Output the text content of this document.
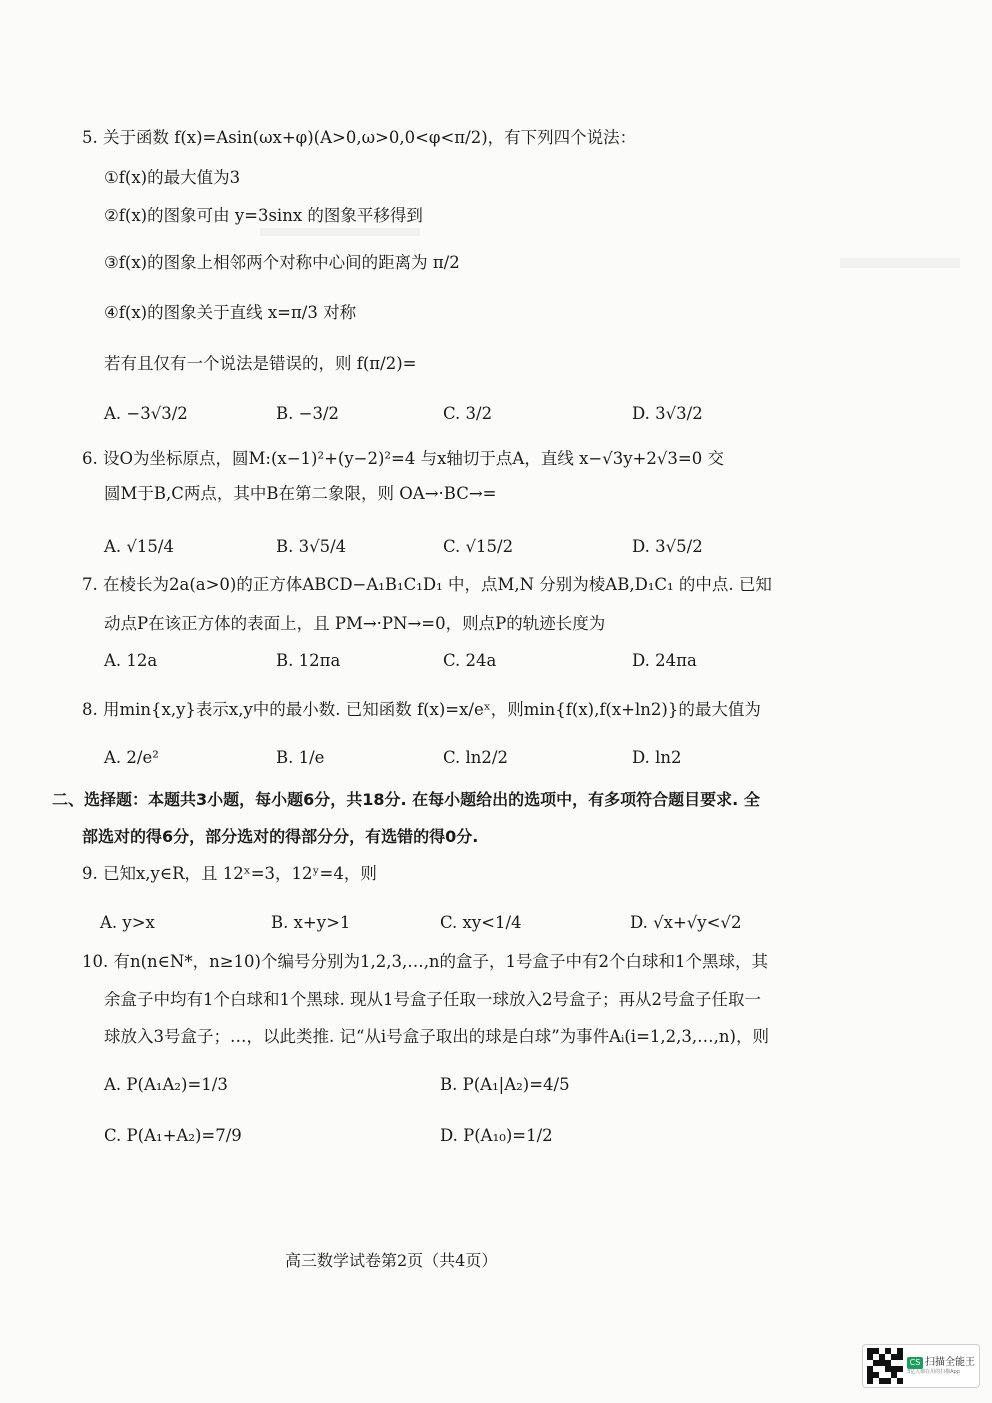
5. 关于函数 f(x)=Asin(ωx+φ)(A>0,ω>0,0<φ<π/2)，有下列四个说法：
①f(x)的最大值为3
②f(x)的图象可由 y=3sinx 的图象平移得到
③f(x)的图象上相邻两个对称中心间的距离为 π/2
④f(x)的图象关于直线 x=π/3 对称
若有且仅有一个说法是错误的，则 f(π/2)=
A. −3√3/2	B. −3/2	C. 3/2	D. 3√3/2
6. 设O为坐标原点，圆M:(x−1)²+(y−2)²=4 与x轴切于点A，直线 x−√3y+2√3=0 交
圆M于B,C两点，其中B在第二象限，则 OA→·BC→=
A. √15/4	B. 3√5/4	C. √15/2	D. 3√5/2
7. 在棱长为2a(a>0)的正方体ABCD−A₁B₁C₁D₁ 中，点M,N 分别为棱AB,D₁C₁ 的中点. 已知
动点P在该正方体的表面上，且 PM→·PN→=0，则点P的轨迹长度为
A. 12a	B. 12πa	C. 24a	D. 24πa
8. 用min{x,y}表示x,y中的最小数. 已知函数 f(x)=x/eˣ，则min{f(x),f(x+ln2)}的最大值为
A. 2/e²	B. 1/e	C. ln2/2	D. ln2
二、选择题：本题共3小题，每小题6分，共18分. 在每小题给出的选项中，有多项符合题目要求. 全
部选对的得6分，部分选对的得部分分，有选错的得0分.
9. 已知x,y∈R，且 12ˣ=3，12ʸ=4，则
A. y>x	B. x+y>1	C. xy<1/4	D. √x+√y<√2
10. 有n(n∈N*，n≥10)个编号分别为1,2,3,…,n的盒子，1号盒子中有2个白球和1个黑球，其
余盒子中均有1个白球和1个黑球. 现从1号盒子任取一球放入2号盒子；再从2号盒子任取一
球放入3号盒子；…，以此类推. 记“从i号盒子取出的球是白球”为事件Aᵢ(i=1,2,3,…,n)，则
A. P(A₁A₂)=1/3	B. P(A₁|A₂)=4/5
C. P(A₁+A₂)=7/9	D. P(A₁₀)=1/2
高三数学试卷第2页（共4页）
CS 扫描全能王
3亿人都在用的扫描App
